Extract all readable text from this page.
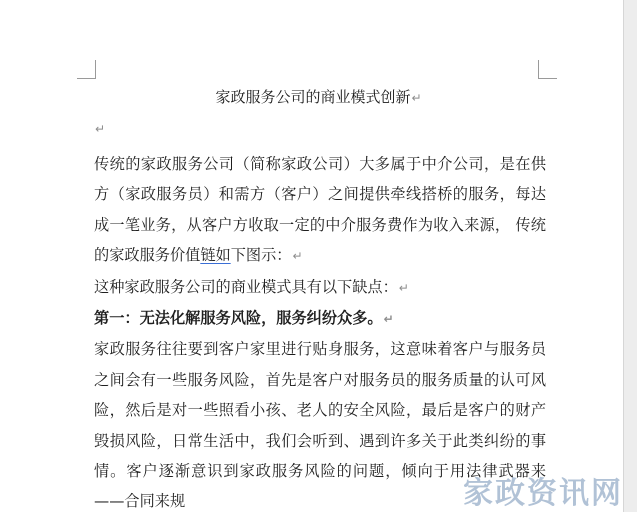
家政服务公司的商业模式创新↵
↵

传统的家政服务公司（简称家政公司）大多属于中介公司，是在供方（家政服务员）和需方（客户）之间提供牵线搭桥的服务，每达成一笔业务，从客户方收取一定的中介服务费作为收入来源， 传统的家政服务价值链如下图示：↵

这种家政服务公司的商业模式具有以下缺点：↵

第一：无法化解服务风险，服务纠纷众多。↵

家政服务往往要到客户家里进行贴身服务，这意味着客户与服务员之间会有一些服务风险，首先是客户对服务员的服务质量的认可风险，然后是对一些照看小孩、老人的安全风险，最后是客户的财产毁损风险，日常生活中，我们会听到、遇到许多关于此类纠纷的事情。客户逐渐意识到家政服务风险的问题，倾向于用法律武器来——合同来规	家政资讯网
